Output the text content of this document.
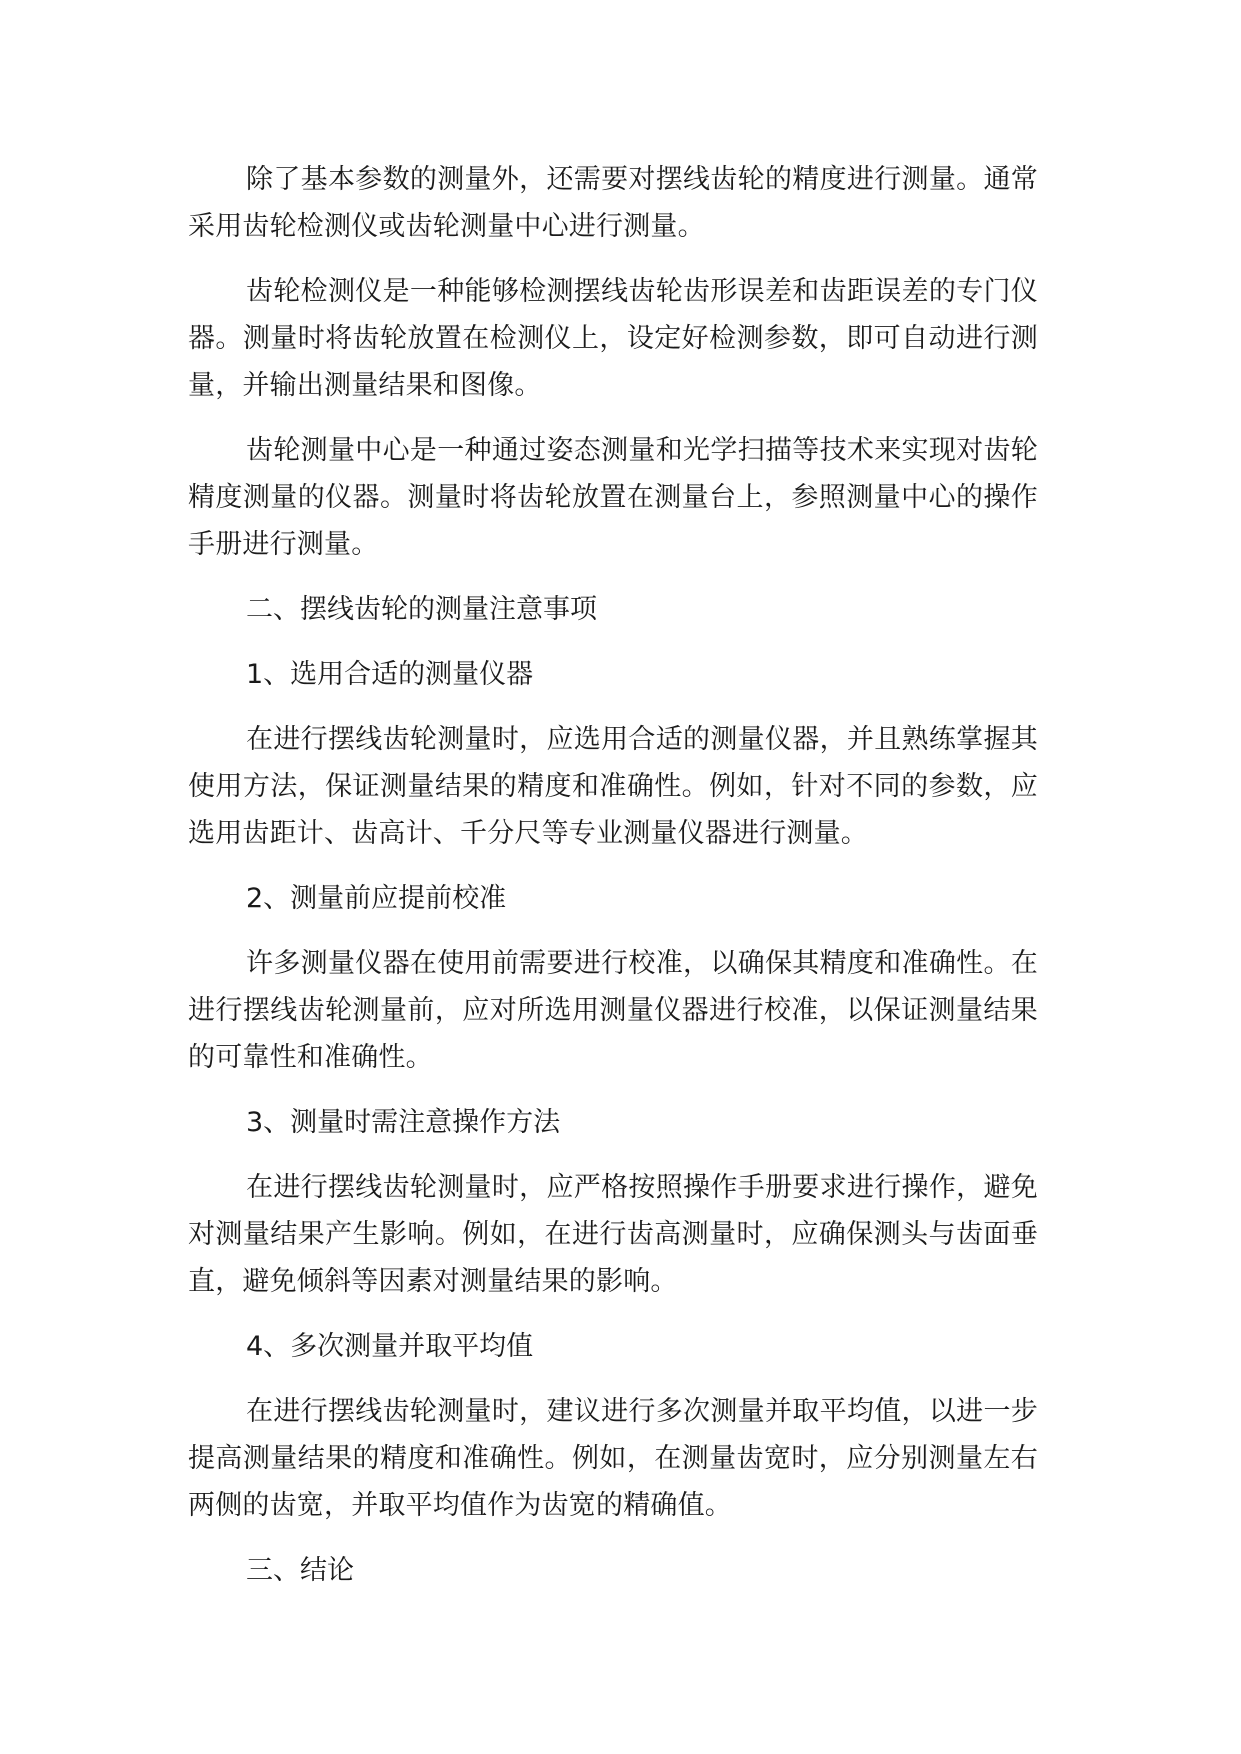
除了基本参数的测量外，还需要对摆线齿轮的精度进行测量。通常采用齿轮检测仪或齿轮测量中心进行测量。

齿轮检测仪是一种能够检测摆线齿轮齿形误差和齿距误差的专门仪器。测量时将齿轮放置在检测仪上，设定好检测参数，即可自动进行测量，并输出测量结果和图像。

齿轮测量中心是一种通过姿态测量和光学扫描等技术来实现对齿轮精度测量的仪器。测量时将齿轮放置在测量台上，参照测量中心的操作手册进行测量。

二、摆线齿轮的测量注意事项

1、选用合适的测量仪器

在进行摆线齿轮测量时，应选用合适的测量仪器，并且熟练掌握其使用方法，保证测量结果的精度和准确性。例如，针对不同的参数，应选用齿距计、齿高计、千分尺等专业测量仪器进行测量。

2、测量前应提前校准

许多测量仪器在使用前需要进行校准，以确保其精度和准确性。在进行摆线齿轮测量前，应对所选用测量仪器进行校准，以保证测量结果的可靠性和准确性。

3、测量时需注意操作方法

在进行摆线齿轮测量时，应严格按照操作手册要求进行操作，避免对测量结果产生影响。例如，在进行齿高测量时，应确保测头与齿面垂直，避免倾斜等因素对测量结果的影响。

4、多次测量并取平均值

在进行摆线齿轮测量时，建议进行多次测量并取平均值，以进一步提高测量结果的精度和准确性。例如，在测量齿宽时，应分别测量左右两侧的齿宽，并取平均值作为齿宽的精确值。

三、结论
